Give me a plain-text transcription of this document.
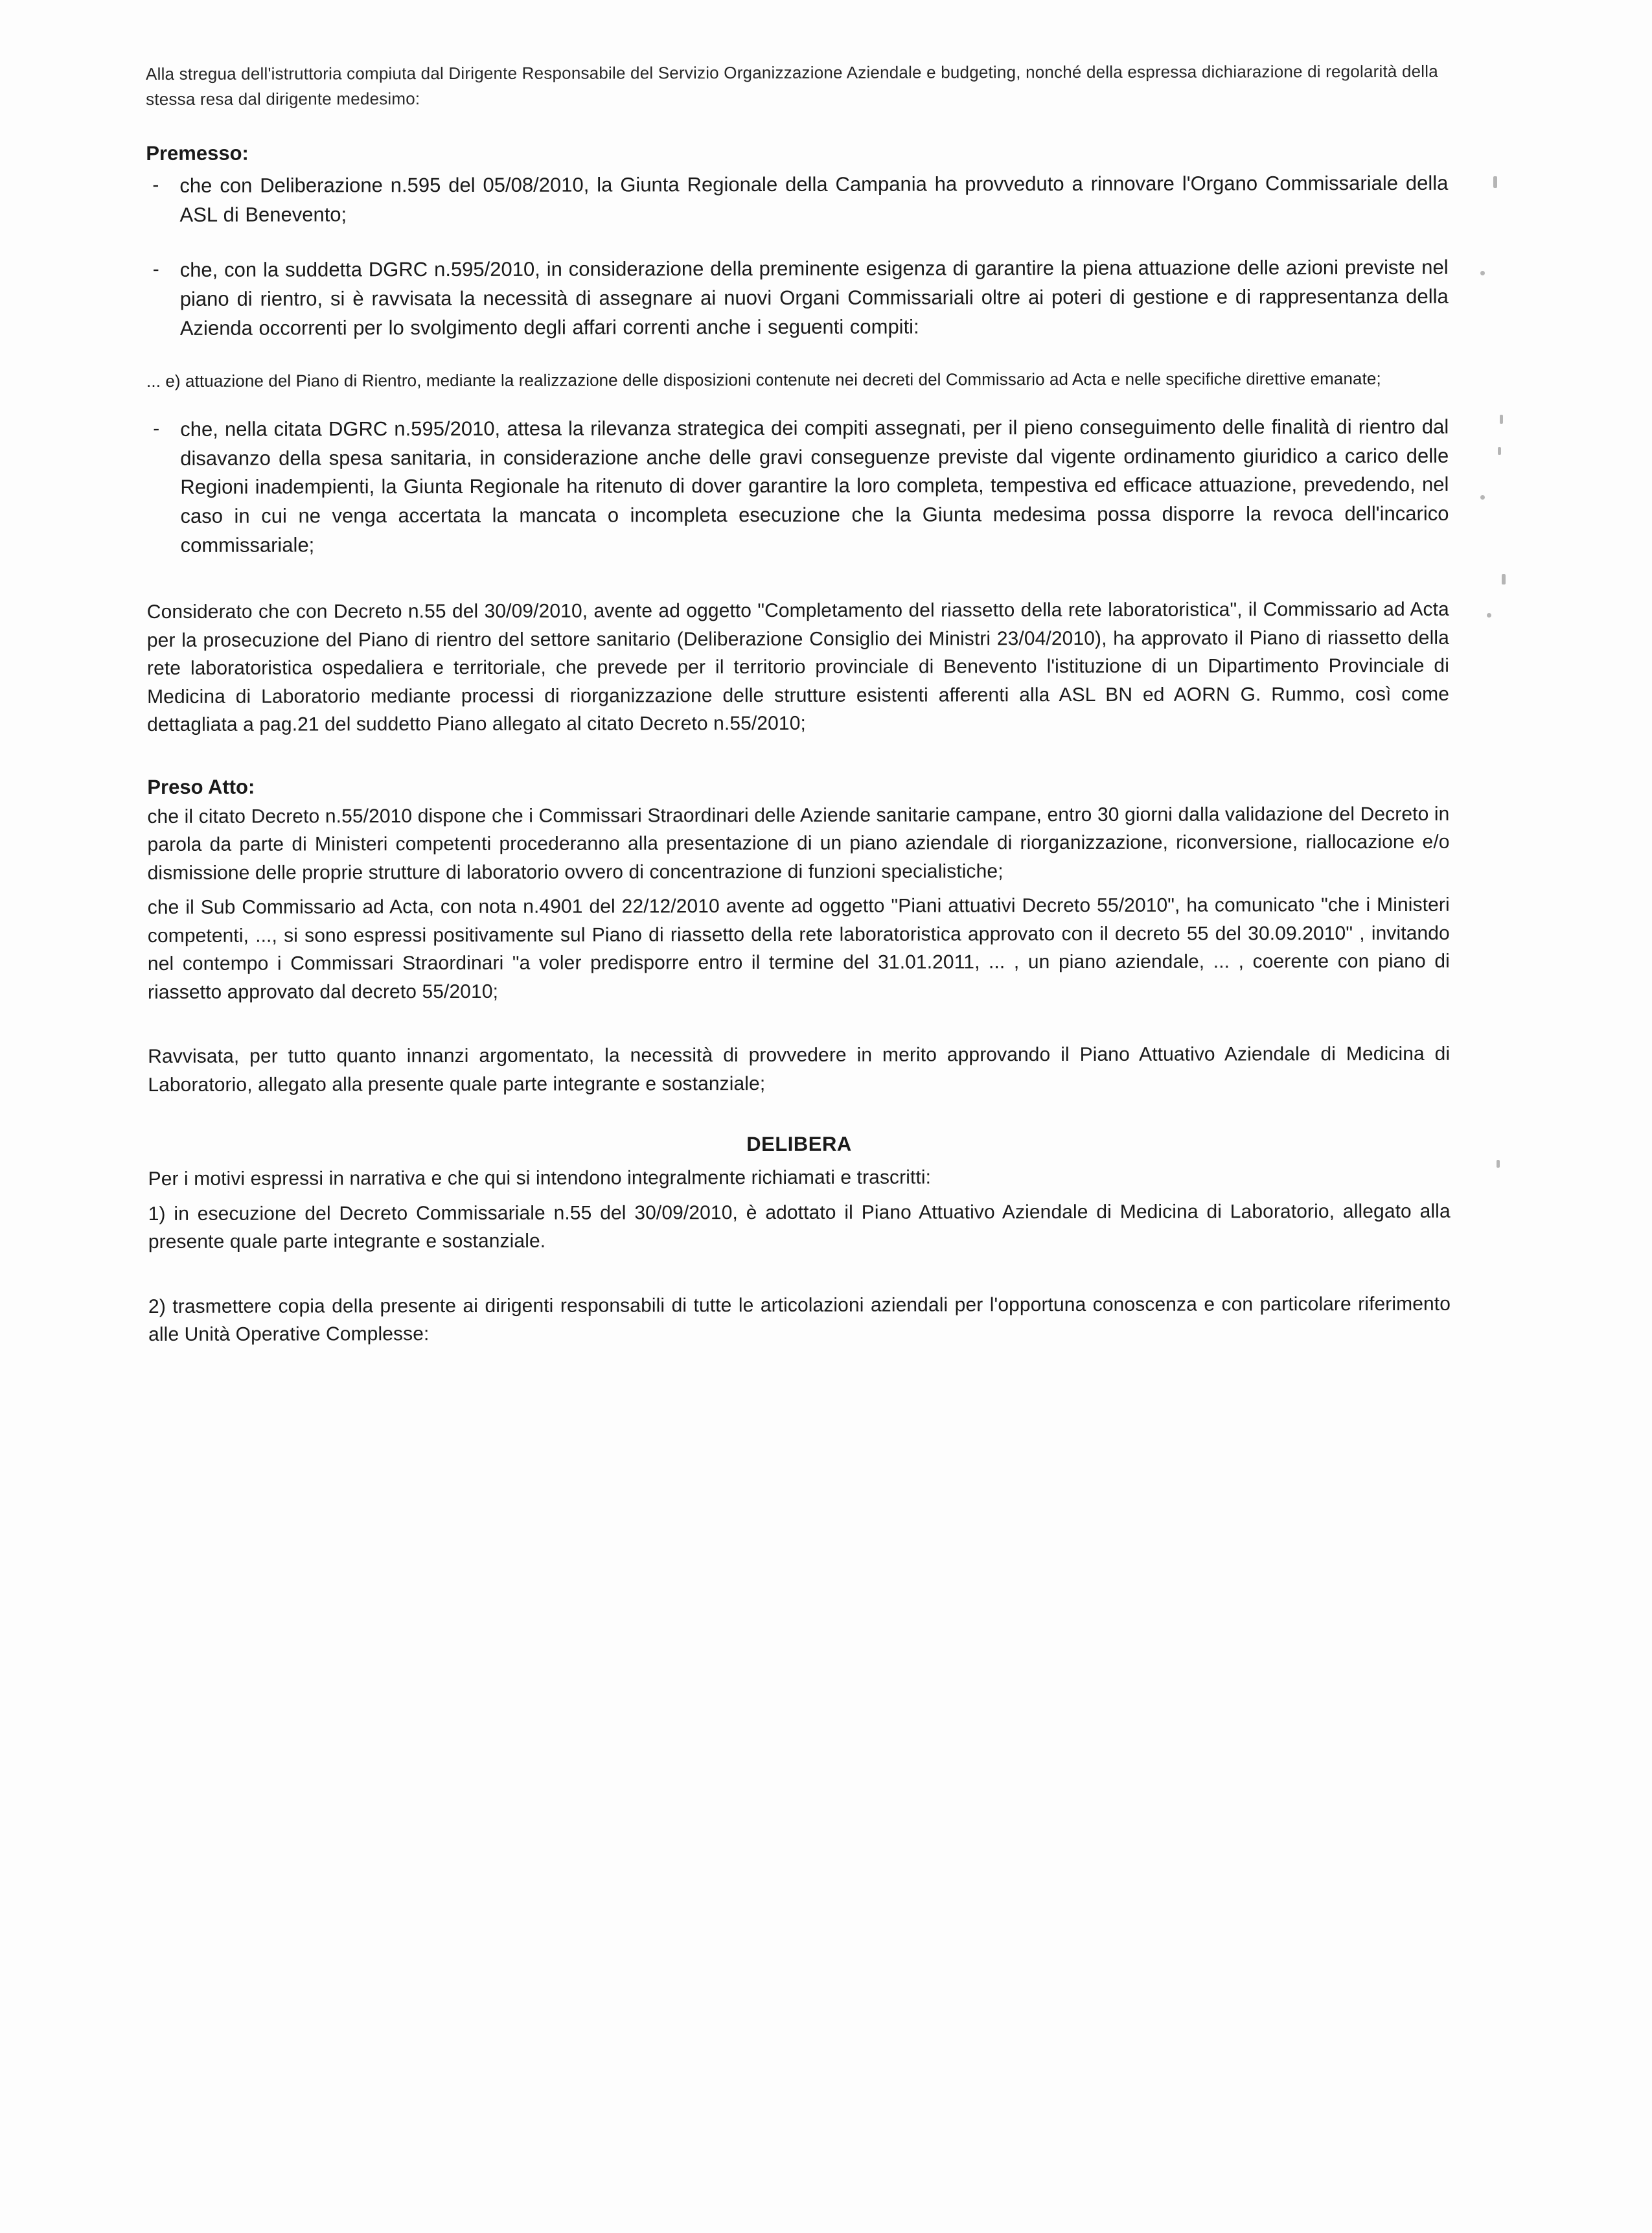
Alla stregua dell'istruttoria compiuta dal Dirigente Responsabile del Servizio Organizzazione Aziendale e budgeting, nonché della espressa dichiarazione di regolarità della stessa resa dal dirigente medesimo:
Premesso:
-	che con Deliberazione n.595 del 05/08/2010, la Giunta Regionale della Campania ha provveduto a rinnovare l'Organo Commissariale della ASL di Benevento;
-	che, con la suddetta DGRC n.595/2010, in considerazione della preminente esigenza di garantire la piena attuazione delle azioni previste nel piano di rientro, si è ravvisata la necessità di assegnare ai nuovi Organi Commissariali oltre ai poteri di gestione e di rappresentanza della Azienda occorrenti per lo svolgimento degli affari correnti anche i seguenti compiti:
... e) attuazione del Piano di Rientro, mediante la realizzazione delle disposizioni contenute nei decreti del Commissario ad Acta e nelle specifiche direttive emanate;
-	che, nella citata DGRC n.595/2010, attesa la rilevanza strategica dei compiti assegnati, per il pieno conseguimento delle finalità di rientro dal disavanzo della spesa sanitaria, in considerazione anche delle gravi conseguenze previste dal vigente ordinamento giuridico a carico delle Regioni inadempienti, la Giunta Regionale ha ritenuto di dover garantire la loro completa, tempestiva ed efficace attuazione, prevedendo, nel caso in cui ne venga accertata la mancata o incompleta esecuzione che la Giunta medesima possa disporre la revoca dell'incarico commissariale;
Considerato che con Decreto n.55 del 30/09/2010, avente ad oggetto "Completamento del riassetto della rete laboratoristica", il Commissario ad Acta per la prosecuzione del Piano di rientro del settore sanitario (Deliberazione Consiglio dei Ministri 23/04/2010), ha approvato il Piano di riassetto della rete laboratoristica ospedaliera e territoriale, che prevede per il territorio provinciale di Benevento l'istituzione di un Dipartimento Provinciale di Medicina di Laboratorio mediante processi di riorganizzazione delle strutture esistenti afferenti alla ASL BN ed AORN G. Rummo, così come dettagliata a pag.21 del suddetto Piano allegato al citato Decreto n.55/2010;
Preso Atto:
che il citato Decreto n.55/2010 dispone che i Commissari Straordinari delle Aziende sanitarie campane, entro 30 giorni dalla validazione del Decreto in parola da parte di Ministeri competenti procederanno alla presentazione di un piano aziendale di riorganizzazione, riconversione, riallocazione e/o dismissione delle proprie strutture di laboratorio ovvero di concentrazione di funzioni specialistiche;
che il Sub Commissario ad Acta, con nota n.4901 del 22/12/2010 avente ad oggetto "Piani attuativi Decreto 55/2010", ha comunicato "che i Ministeri competenti, ..., si sono espressi positivamente sul Piano di riassetto della rete laboratoristica approvato con il decreto 55 del 30.09.2010" , invitando nel contempo i Commissari Straordinari "a voler predisporre entro il termine del 31.01.2011, ... , un piano aziendale, ... , coerente con piano di riassetto approvato dal decreto 55/2010;
Ravvisata, per tutto quanto innanzi argomentato, la necessità di provvedere in merito approvando il Piano Attuativo Aziendale di Medicina di Laboratorio, allegato alla presente quale parte integrante e sostanziale;
DELIBERA
Per i motivi espressi in narrativa e che qui si intendono integralmente richiamati e trascritti:
1) in esecuzione del Decreto Commissariale n.55 del 30/09/2010, è adottato il Piano Attuativo Aziendale di Medicina di Laboratorio, allegato alla presente quale parte integrante e sostanziale.
2) trasmettere copia della presente ai dirigenti responsabili di tutte le articolazioni aziendali per l'opportuna conoscenza e con particolare riferimento alle Unità Operative Complesse:
